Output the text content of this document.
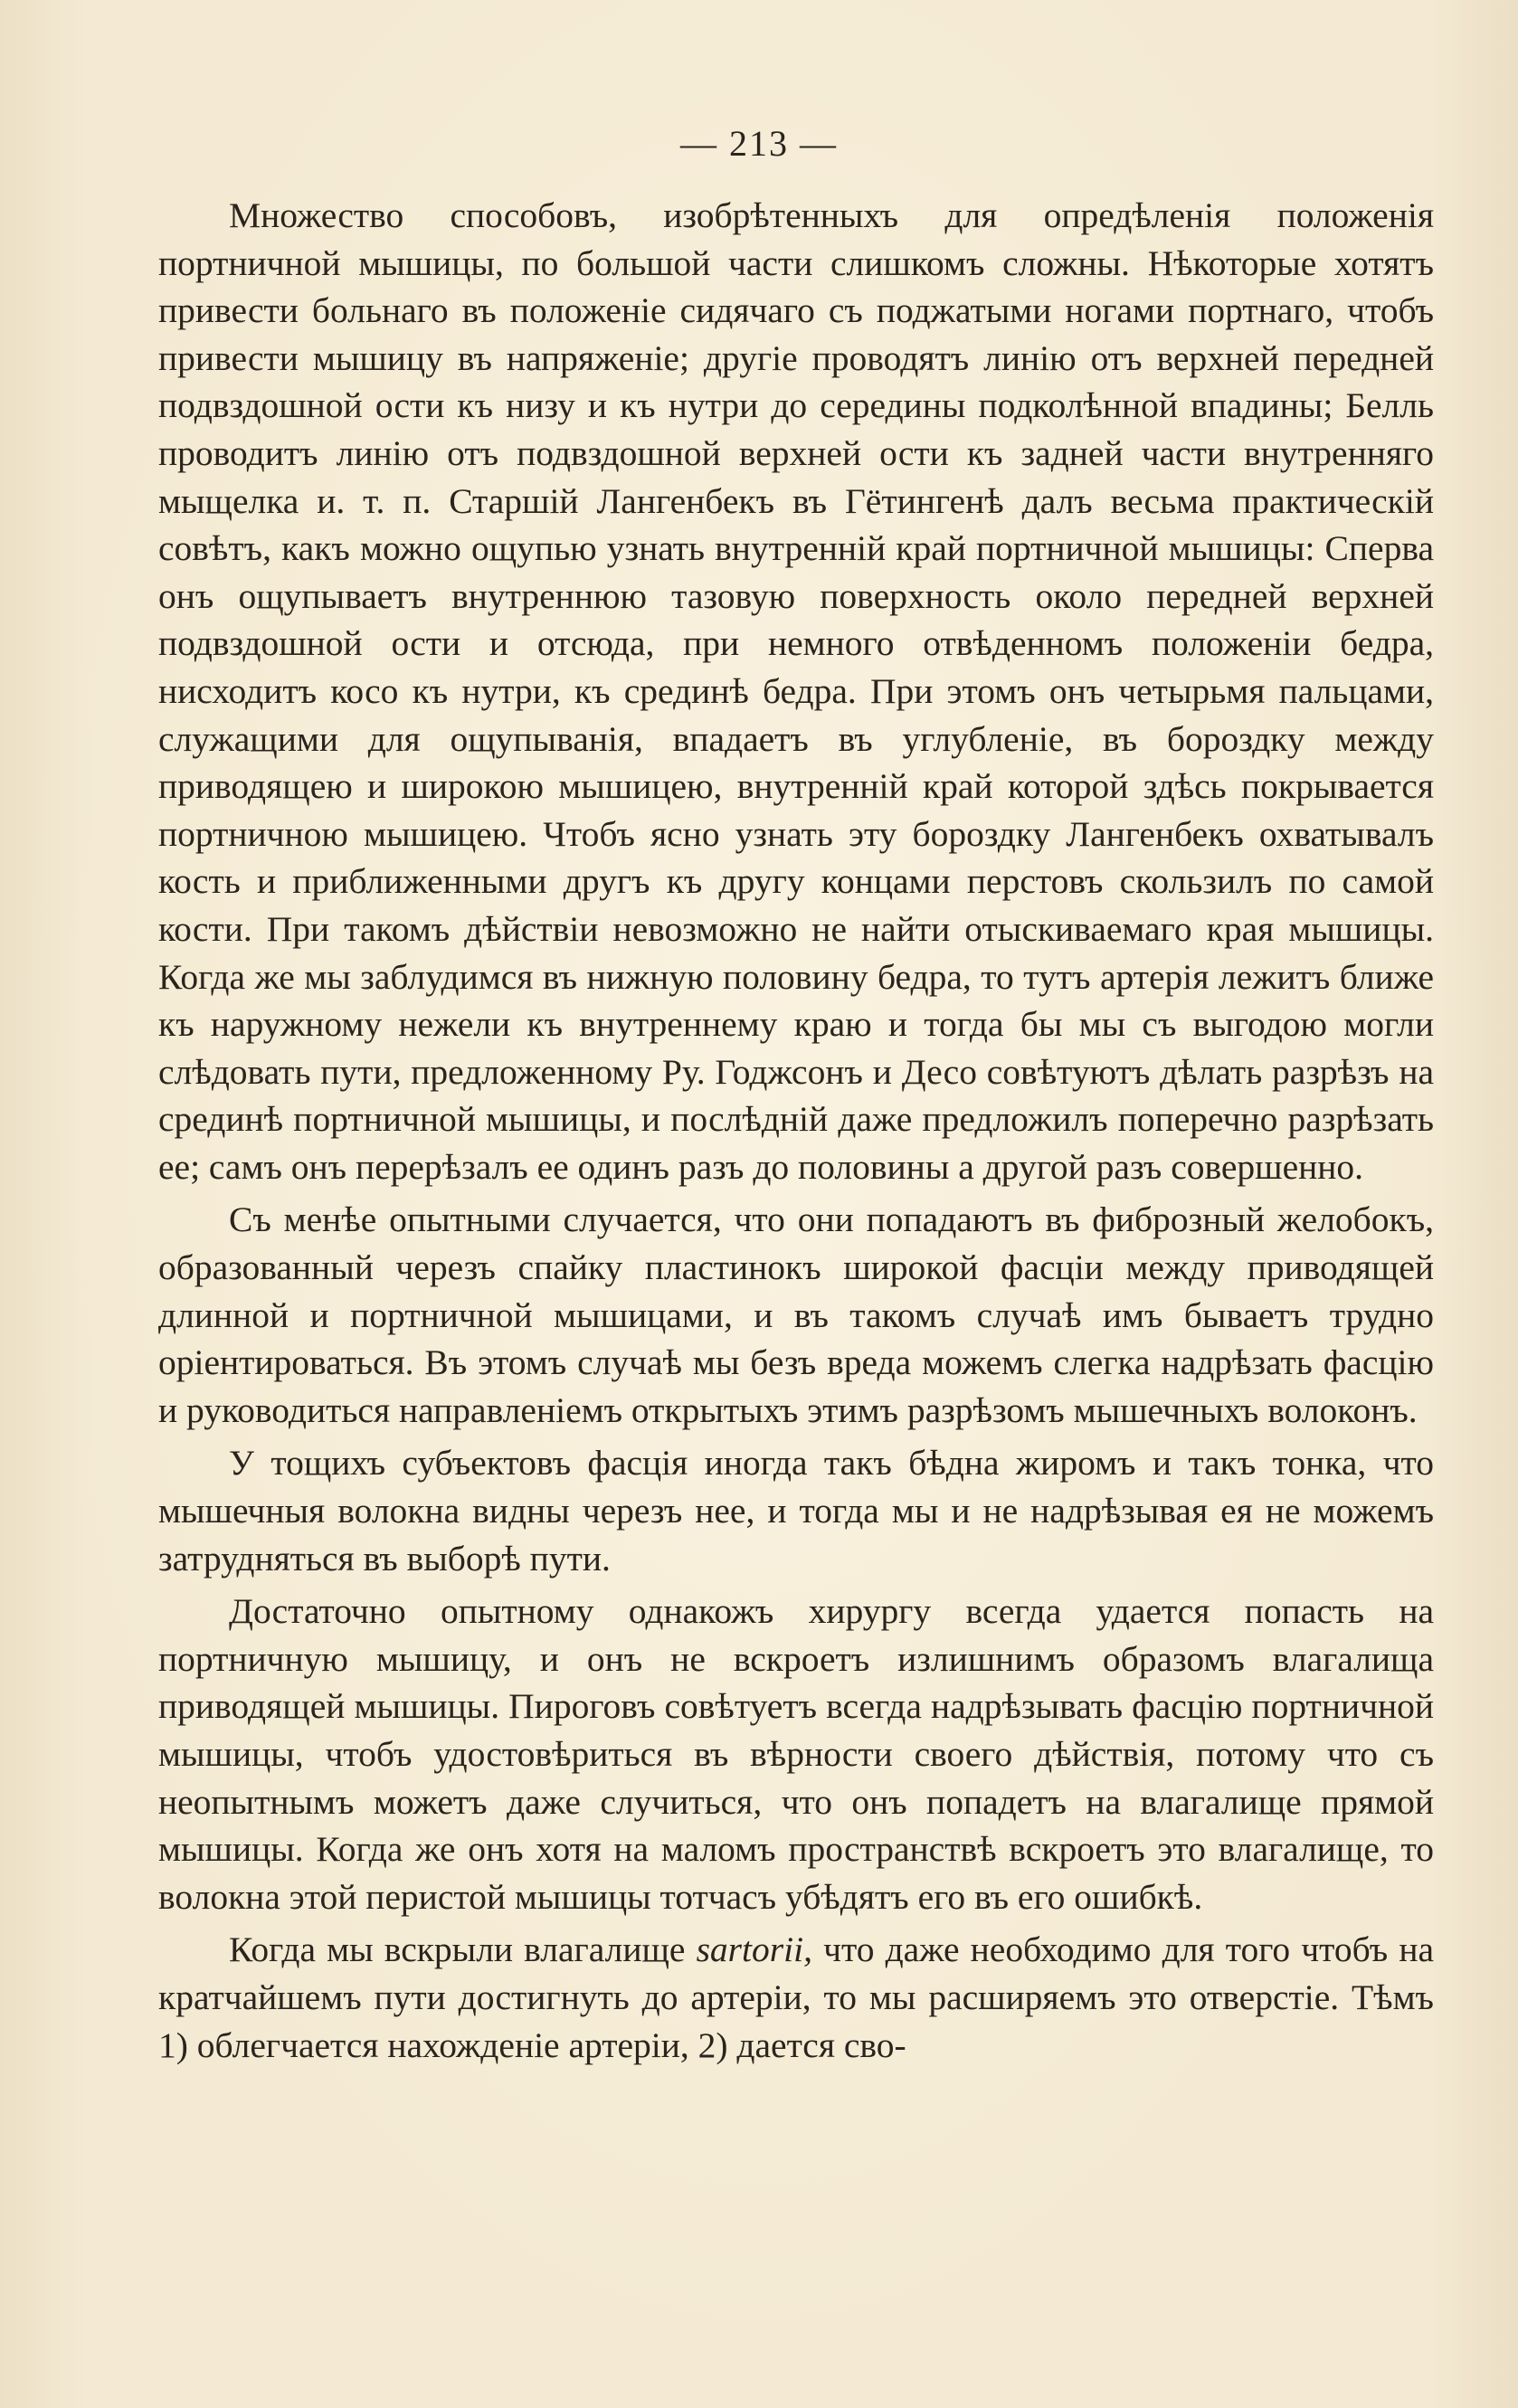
— 213 —

Множество способовъ, изобрѣтенныхъ для опредѣленія положенія портничной мышицы, по большой части слишкомъ сложны. Нѣкоторые хотятъ привести больнаго въ положеніе сидячаго съ поджатыми ногами портнаго, чтобъ привести мышицу въ напряженіе; другіе проводятъ линію отъ верхней передней подвздошной ости къ низу и къ нутри до середины подколѣнной впадины; Белль проводитъ линію отъ подвздошной верхней ости къ задней части внутренняго мыщелка и. т. п. Старшій Лангенбекъ въ Гётингенѣ далъ весьма практическій совѣтъ, какъ можно ощупью узнать внутренній край портничной мышицы: Сперва онъ ощупываетъ внутреннюю тазовую поверхность около передней верхней подвздошной ости и отсюда, при немного отвѣденномъ положеніи бедра, нисходитъ косо къ нутри, къ срединѣ бедра. При этомъ онъ четырьмя пальцами, служащими для ощупыванія, впадаетъ въ углубленіе, въ бороздку между приводящею и широкою мышицею, внутренній край которой здѣсь покрывается портничною мышицею. Чтобъ ясно узнать эту бороздку Лангенбекъ охватывалъ кость и приближенными другъ къ другу концами перстовъ скользилъ по самой кости. При такомъ дѣйствіи невозможно не найти отыскиваемаго края мышицы. Когда же мы заблудимся въ нижную половину бедра, то тутъ артерія лежитъ ближе къ наружному нежели къ внутреннему краю и тогда бы мы съ выгодою могли слѣдовать пути, предложенному Ру. Годжсонъ и Десо совѣтуютъ дѣлать разрѣзъ на срединѣ портничной мышицы, и послѣдній даже предложилъ поперечно разрѣзать ее; самъ онъ перерѣзалъ ее одинъ разъ до половины а другой разъ совершенно.

Съ менѣе опытными случается, что они попадаютъ въ фиброзный желобокъ, образованный черезъ спайку пластинокъ широкой фасціи между приводящей длинной и портничной мышицами, и въ такомъ случаѣ имъ бываетъ трудно оріентироваться. Въ этомъ случаѣ мы безъ вреда можемъ слегка надрѣзать фасцію и руководиться направленіемъ открытыхъ этимъ разрѣзомъ мышечныхъ волоконъ.

У тощихъ субъектовъ фасція иногда такъ бѣдна жиромъ и такъ тонка, что мышечныя волокна видны черезъ нее, и тогда мы и не надрѣзывая ея не можемъ затрудняться въ выборѣ пути.

Достаточно опытному однакожъ хирургу всегда удается попасть на портничную мышицу, и онъ не вскроетъ излишнимъ образомъ влагалища приводящей мышицы. Пироговъ совѣтуетъ всегда надрѣзывать фасцію портничной мышицы, чтобъ удостовѣриться въ вѣрности своего дѣйствія, потому что съ неопытнымъ можетъ даже случиться, что онъ попадетъ на влагалище прямой мышицы. Когда же онъ хотя на маломъ пространствѣ вскроетъ это влагалище, то волокна этой перистой мышицы тотчасъ убѣдятъ его въ его ошибкѣ.

Когда мы вскрыли влагалище sartorii, что даже необходимо для того чтобъ на кратчайшемъ пути достигнуть до артеріи, то мы расширяемъ это отверстіе. Тѣмъ 1) облегчается нахожденіе артеріи, 2) дается сво-
